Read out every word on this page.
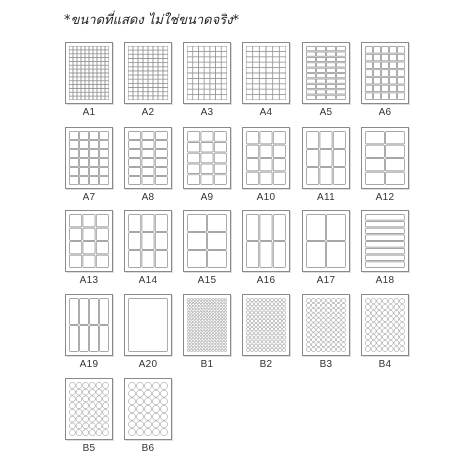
*ขนาดที่แสดง ไม่ใช่ขนาดจริง*
A1	A2	A3	A4	A5	A6
A7	A8	A9	A10	A11	A12
A13	A14	A15	A16	A17	A18
A19	A20	B1	B2	B3	B4
B5	B6
